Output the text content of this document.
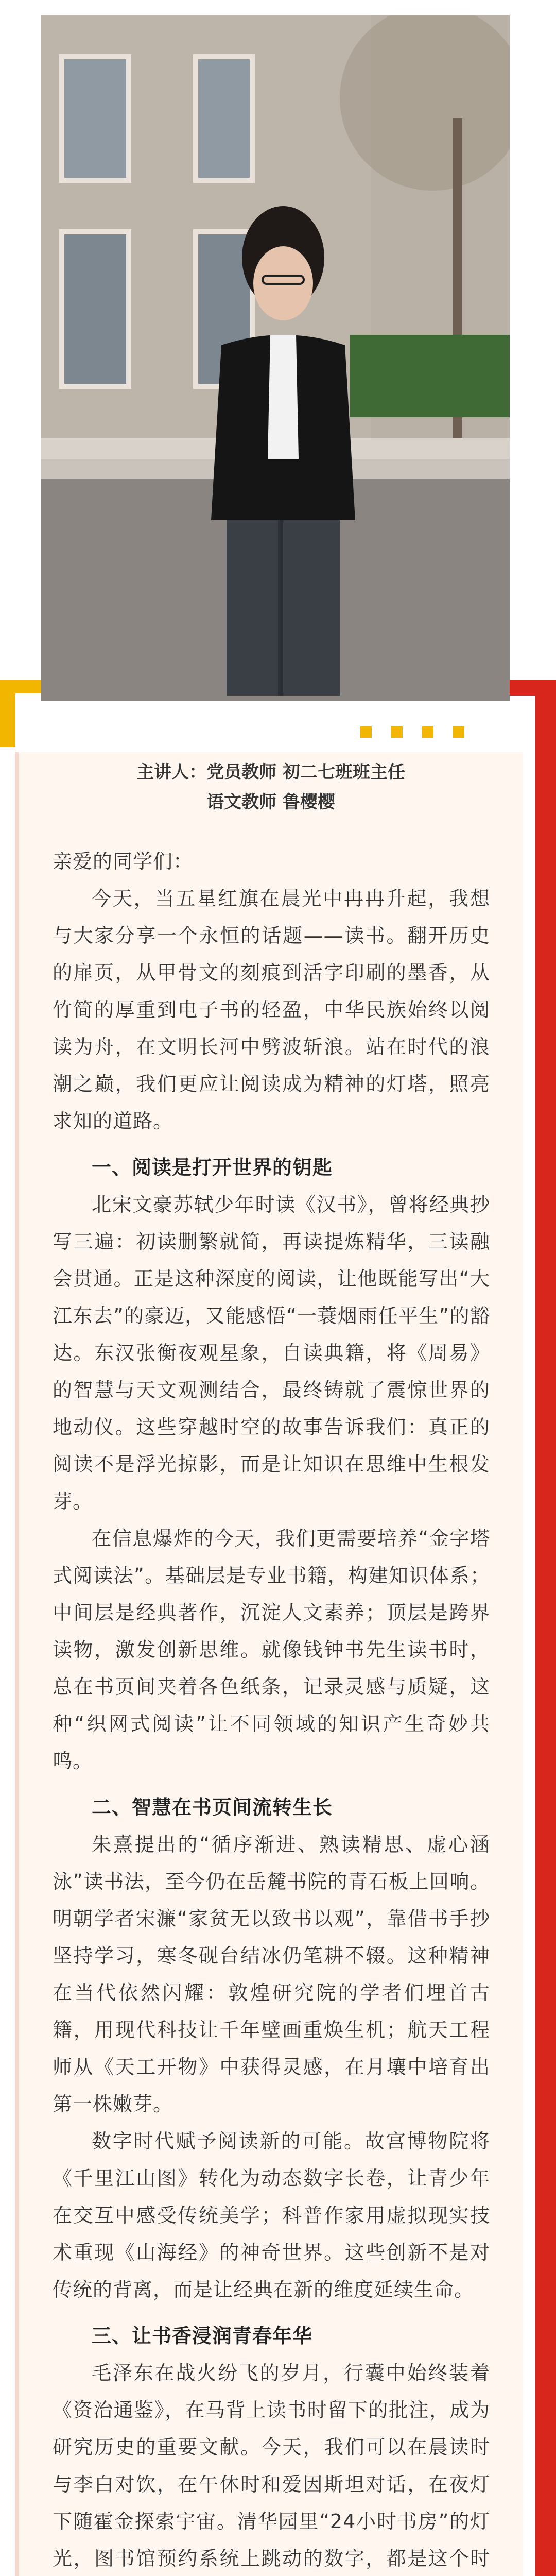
主讲人：党员教师 初二七班班主任
语文教师 鲁樱樱

亲爱的同学们：

今天，当五星红旗在晨光中冉冉升起，我想与大家分享一个永恒的话题——读书。翻开历史的扉页，从甲骨文的刻痕到活字印刷的墨香，从竹简的厚重到电子书的轻盈，中华民族始终以阅读为舟，在文明长河中劈波斩浪。站在时代的浪潮之巅，我们更应让阅读成为精神的灯塔，照亮求知的道路。

一、阅读是打开世界的钥匙

北宋文豪苏轼少年时读《汉书》，曾将经典抄写三遍：初读删繁就简，再读提炼精华，三读融会贯通。正是这种深度的阅读，让他既能写出“大江东去”的豪迈，又能感悟“一蓑烟雨任平生”的豁达。东汉张衡夜观星象，自读典籍，将《周易》的智慧与天文观测结合，最终铸就了震惊世界的地动仪。这些穿越时空的故事告诉我们：真正的阅读不是浮光掠影，而是让知识在思维中生根发芽。

在信息爆炸的今天，我们更需要培养“金字塔式阅读法”。基础层是专业书籍，构建知识体系；中间层是经典著作，沉淀人文素养；顶层是跨界读物，激发创新思维。就像钱钟书先生读书时，总在书页间夹着各色纸条，记录灵感与质疑，这种“织网式阅读”让不同领域的知识产生奇妙共鸣。

二、智慧在书页间流转生长

朱熹提出的“循序渐进、熟读精思、虚心涵泳”读书法，至今仍在岳麓书院的青石板上回响。明朝学者宋濂“家贫无以致书以观”，靠借书手抄坚持学习，寒冬砚台结冰仍笔耕不辍。这种精神在当代依然闪耀：敦煌研究院的学者们埋首古籍，用现代科技让千年壁画重焕生机；航天工程师从《天工开物》中获得灵感，在月壤中培育出第一株嫩芽。

数字时代赋予阅读新的可能。故宫博物院将《千里江山图》转化为动态数字长卷，让青少年在交互中感受传统美学；科普作家用虚拟现实技术重现《山海经》的神奇世界。这些创新不是对传统的背离，而是让经典在新的维度延续生命。

三、让书香浸润青春年华

毛泽东在战火纷飞的岁月，行囊中始终装着《资治通鉴》，在马背上读书时留下的批注，成为研究历史的重要文献。今天，我们可以在晨读时与李白对饮，在午休时和爱因斯坦对话，在夜灯下随霍金探索宇宙。清华园里“24小时书房”的灯光，图书馆预约系统上跳动的数字，都是这个时
